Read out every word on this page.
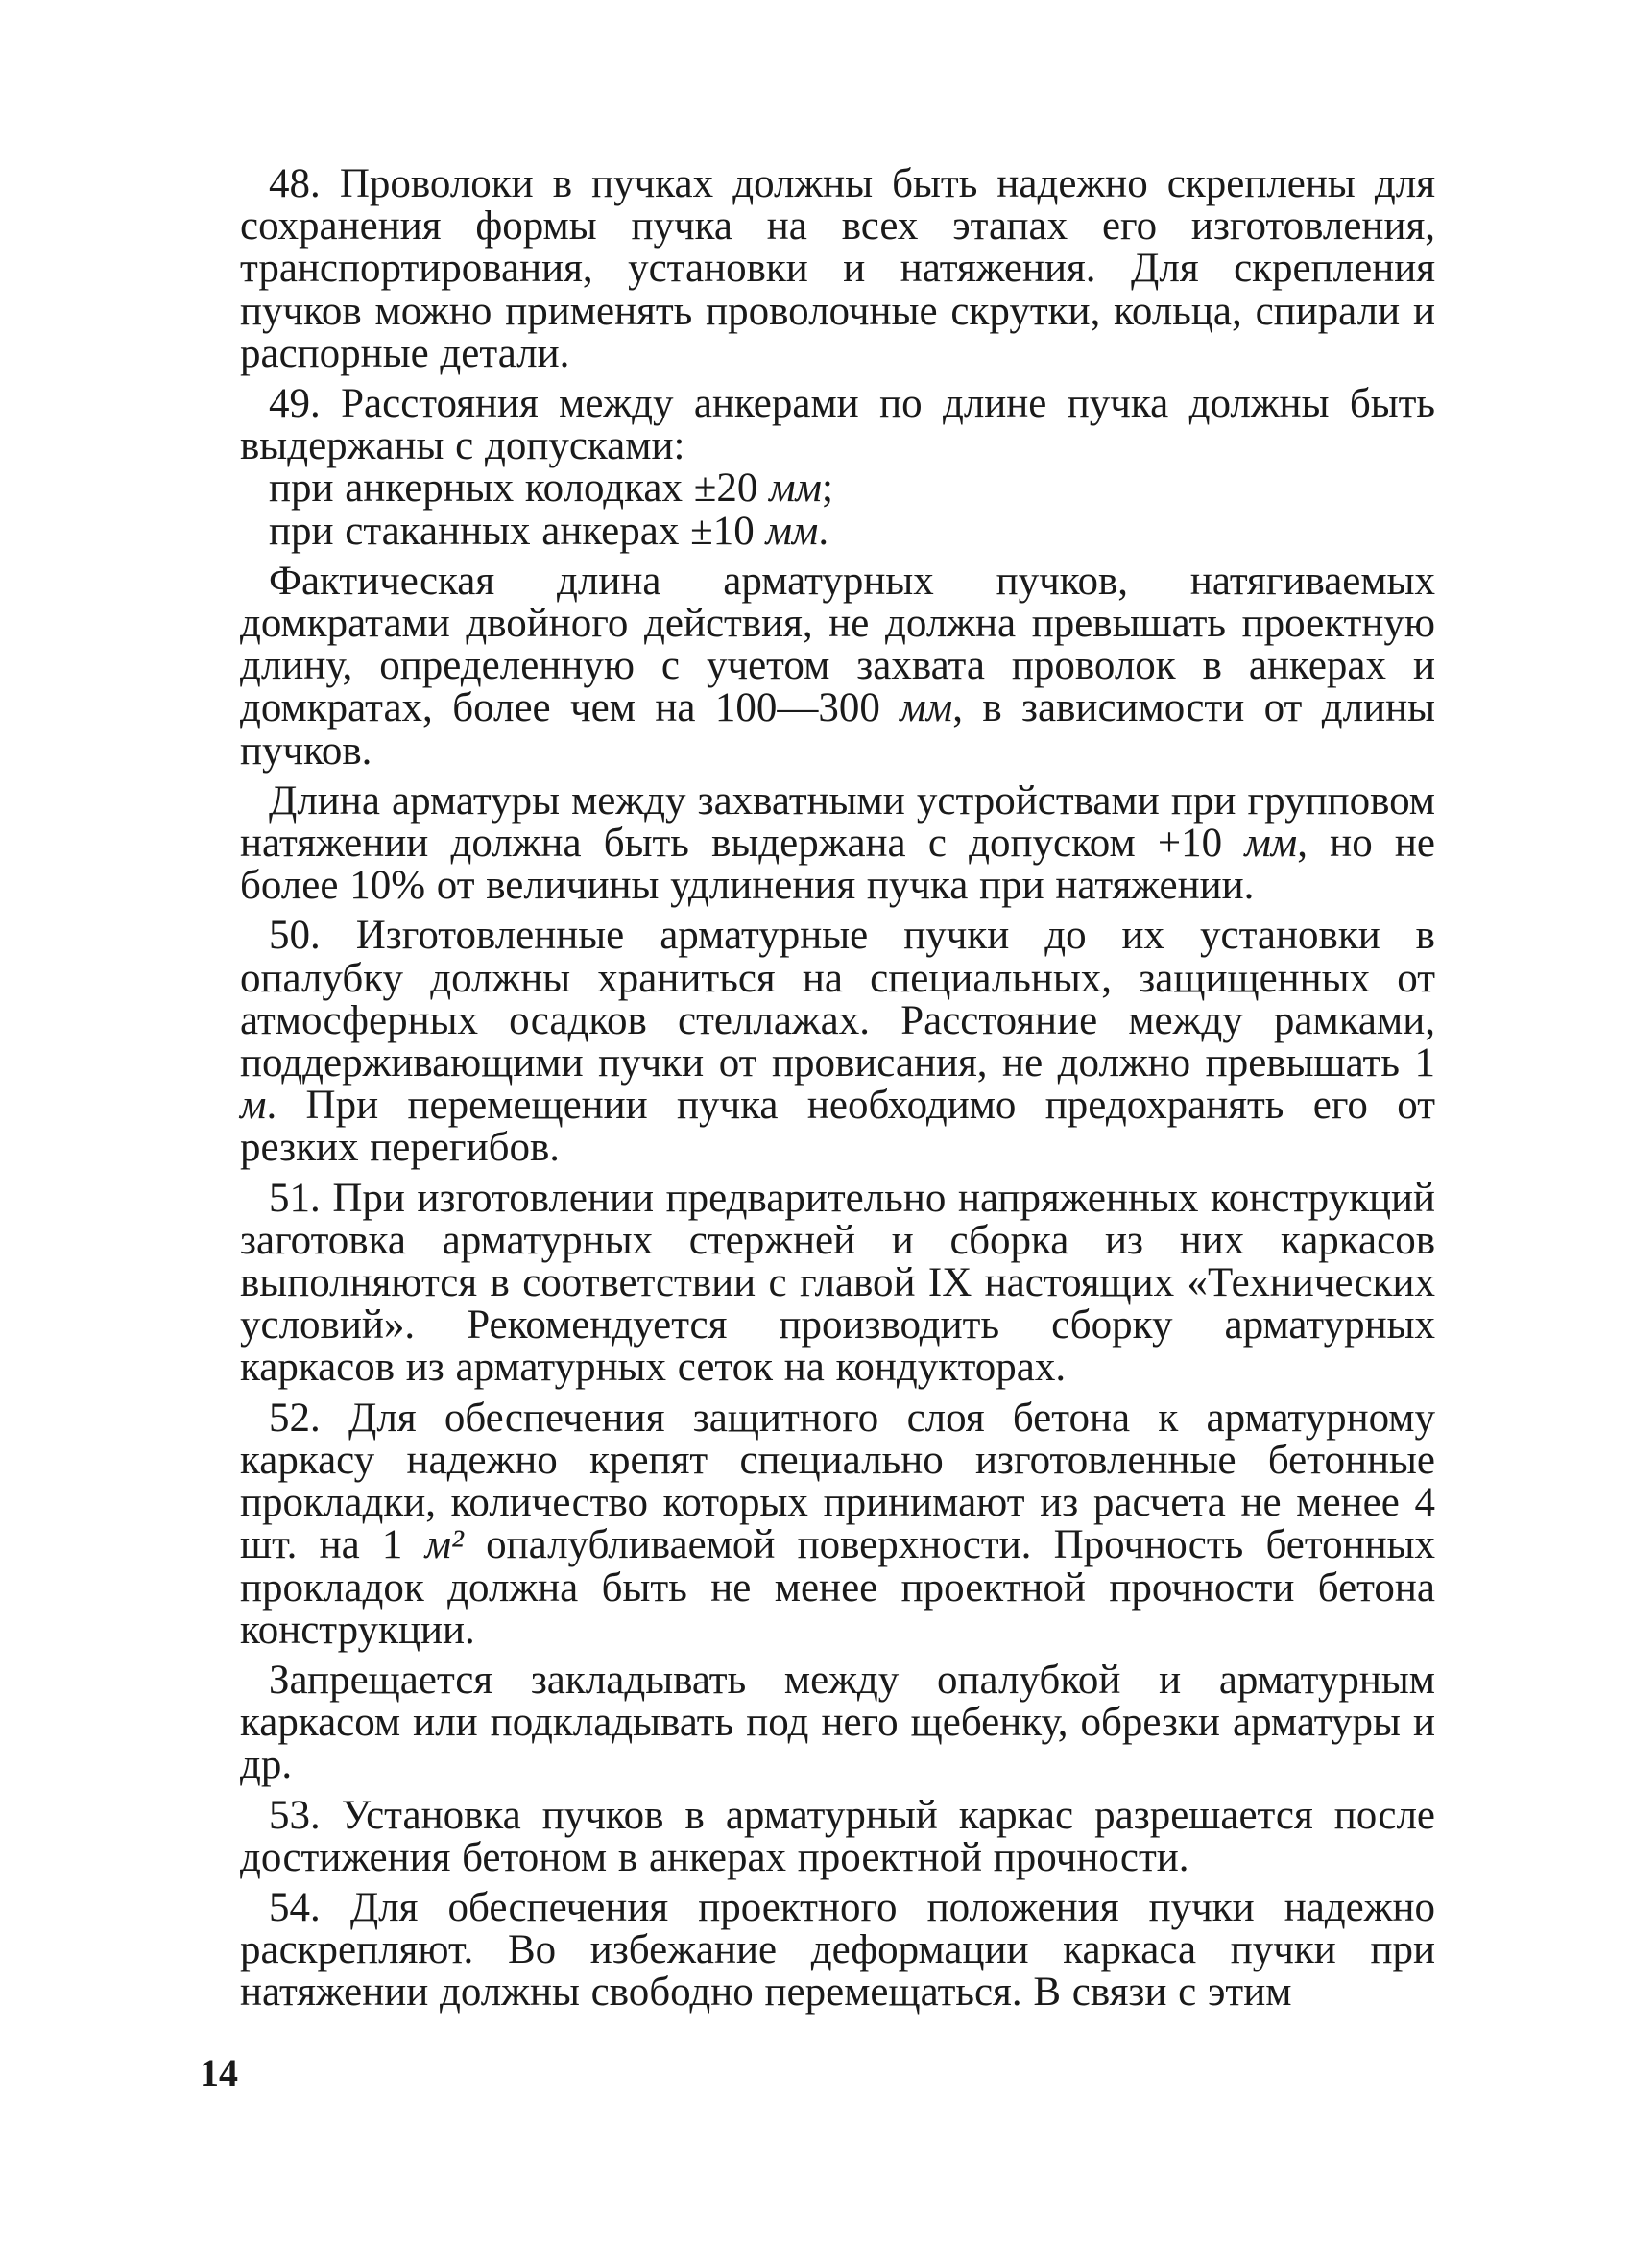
48. Проволоки в пучках должны быть надежно скреплены для сохранения формы пучка на всех этапах его изготовления, транспортирования, установки и натяжения. Для скрепления пучков можно применять проволочные скрутки, кольца, спирали и распорные детали.

49. Расстояния между анкерами по длине пучка должны быть выдержаны с допусками:

при анкерных колодках ±20 мм;

при стаканных анкерах ±10 мм.

Фактическая длина арматурных пучков, натягиваемых домкратами двойного действия, не должна превышать проектную длину, определенную с учетом захвата проволок в анкерах и домкратах, более чем на 100—300 мм, в зависимости от длины пучков.

Длина арматуры между захватными устройствами при групповом натяжении должна быть выдержана с допуском +10 мм, но не более 10% от величины удлинения пучка при натяжении.

50. Изготовленные арматурные пучки до их установки в опалубку должны храниться на специальных, защищенных от атмосферных осадков стеллажах. Расстояние между рамками, поддерживающими пучки от провисания, не должно превышать 1 м. При перемещении пучка необходимо предохранять его от резких перегибов.

51. При изготовлении предварительно напряженных конструкций заготовка арматурных стержней и сборка из них каркасов выполняются в соответствии с главой IX настоящих «Технических условий». Рекомендуется производить сборку арматурных каркасов из арматурных сеток на кондукторах.

52. Для обеспечения защитного слоя бетона к арматурному каркасу надежно крепят специально изготовленные бетонные прокладки, количество которых принимают из расчета не менее 4 шт. на 1 м² опалубливаемой поверхности. Прочность бетонных прокладок должна быть не менее проектной прочности бетона конструкции.

Запрещается закладывать между опалубкой и арматурным каркасом или подкладывать под него щебенку, обрезки арматуры и др.

53. Установка пучков в арматурный каркас разрешается после достижения бетоном в анкерах проектной прочности.

54. Для обеспечения проектного положения пучки надежно раскрепляют. Во избежание деформации каркаса пучки при натяжении должны свободно перемещаться. В связи с этим

14
